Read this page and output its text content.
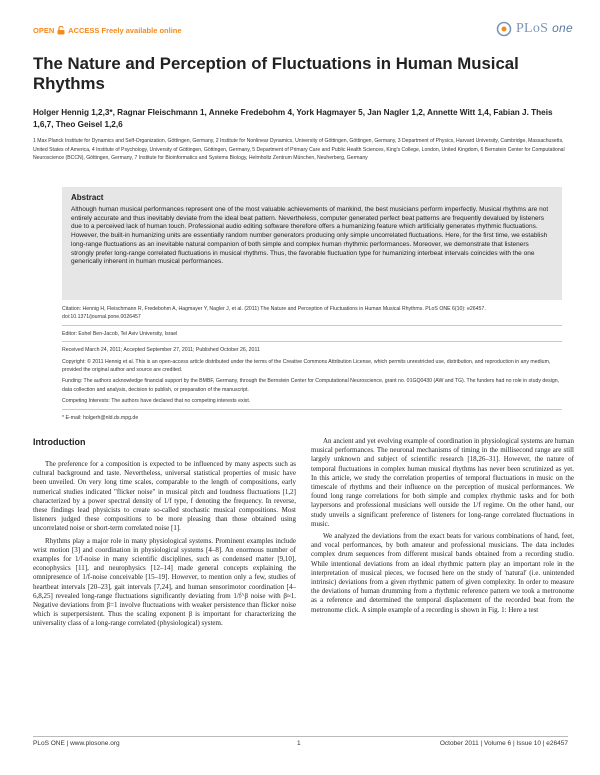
OPEN ACCESS Freely available online	PLoS one
The Nature and Perception of Fluctuations in Human Musical Rhythms
Holger Hennig 1,2,3*, Ragnar Fleischmann 1, Anneke Fredebohm 4, York Hagmayer 5, Jan Nagler 1,2, Annette Witt 1,4, Fabian J. Theis 1,6,7, Theo Geisel 1,2,6
1 Max Planck Institute for Dynamics and Self-Organization, Göttingen, Germany, 2 Institute for Nonlinear Dynamics, University of Göttingen, Göttingen, Germany, 3 Department of Physics, Harvard University, Cambridge, Massachusetts, United States of America, 4 Institute of Psychology, University of Göttingen, Göttingen, Germany, 5 Department of Primary Care and Public Health Sciences, King's College, London, United Kingdom, 6 Bernstein Center for Computational Neuroscience (BCCN), Göttingen, Germany, 7 Institute for Bioinformatics and Systems Biology, Helmholtz Zentrum München, Neuherberg, Germany
Abstract
Although human musical performances represent one of the most valuable achievements of mankind, the best musicians perform imperfectly. Musical rhythms are not entirely accurate and thus inevitably deviate from the ideal beat pattern. Nevertheless, computer generated perfect beat patterns are frequently devalued by listeners due to a perceived lack of human touch. Professional audio editing software therefore offers a humanizing feature which artificially generates rhythmic fluctuations. However, the built-in humanizing units are essentially random number generators producing only simple uncorrelated fluctuations. Here, for the first time, we establish long-range fluctuations as an inevitable natural companion of both simple and complex human rhythmic performances. Moreover, we demonstrate that listeners strongly prefer long-range correlated fluctuations in musical rhythms. Thus, the favorable fluctuation type for humanizing interbeat intervals coincides with the one generically inherent in human musical performances.

Citation: Hennig H, Fleischmann R, Fredebohm A, Hagmayer Y, Nagler J, et al. (2011) The Nature and Perception of Fluctuations in Human Musical Rhythms. PLoS ONE 6(10): e26457. doi:10.1371/journal.pone.0026457

Editor: Eshel Ben-Jacob, Tel Aviv University, Israel

Received March 24, 2011; Accepted September 27, 2011; Published October 26, 2011

Copyright: © 2011 Hennig et al. This is an open-access article distributed under the terms of the Creative Commons Attribution License, which permits unrestricted use, distribution, and reproduction in any medium, provided the original author and source are credited.

Funding: The authors acknowledge financial support by the BMBF, Germany, through the Bernstein Center for Computational Neuroscience, grant no. 01GQ0430 (AW and TG). The funders had no role in study design, data collection and analysis, decision to publish, or preparation of the manuscript.

Competing Interests: The authors have declared that no competing interests exist.

* E-mail: holgerh@nld.ds.mpg.de

Introduction

The preference for a composition is expected to be influenced by many aspects such as cultural background and taste. Nevertheless, universal statistical properties of music have been unveiled. On very long time scales, comparable to the length of compositions, early numerical studies indicated "flicker noise" in musical pitch and loudness fluctuations [1,2] characterized by a power spectral density of 1/f type, f denoting the frequency. In reverse, these findings lead physicists to create so-called stochastic musical compositions. Most listeners judged these compositions to be more pleasing than those obtained using uncorrelated noise or short-term correlated noise [1].

Rhythms play a major role in many physiological systems. Prominent examples include wrist motion [3] and coordination in physiological systems [4–8]. An enormous number of examples for 1/f-noise in many scientific disciplines, such as condensed matter [9,10], econophysics [11], and neurophysics [12–14] made general concepts explaining the omnipresence of 1/f-noise conceivable [15–19]. However, to mention only a few, studies of heartbeat intervals [20–23], gait intervals [7,24], and human sensorimotor coordination [4–6,8,25] revealed long-range fluctuations significantly deviating from 1/f^β noise with β≈1. Negative deviations from β=1 involve fluctuations with weaker persistence than flicker noise which is superpersistent. Thus the scaling exponent β is important for characterizing the universality class of a long-range correlated (physiological) system.

An ancient and yet evolving example of coordination in physiological systems are human musical performances. The neuronal mechanisms of timing in the millisecond range are still largely unknown and subject of scientific research [18,26–31]. However, the nature of temporal fluctuations in complex human musical rhythms has never been scrutinized as yet. In this article, we study the correlation properties of temporal fluctuations in music on the timescale of rhythms and their influence on the perception of musical performances. We found long range correlations for both simple and complex rhythmic tasks and for both laypersons and professional musicians well outside the 1/f regime. On the other hand, our study unveils a significant preference of listeners for long-range correlated fluctuations in music.

We analyzed the deviations from the exact beats for various combinations of hand, feet, and vocal performances, by both amateur and professional musicians. The data includes complex drum sequences from different musical bands obtained from a recording studio. While intentional deviations from an ideal rhythmic pattern play an important role in the interpretation of musical pieces, we focused here on the study of 'natural' (i.e. unintended intrinsic) deviations from a given rhythmic pattern of given complexity. In order to measure the deviations of human drumming from a rhythmic reference pattern we took a metronome as a reference and determined the temporal displacement of the recorded beat from the metronome click. A simple example of a recording is shown in Fig. 1: Here a test

PLoS ONE | www.plosone.org	1	October 2011 | Volume 6 | Issue 10 | e26457
